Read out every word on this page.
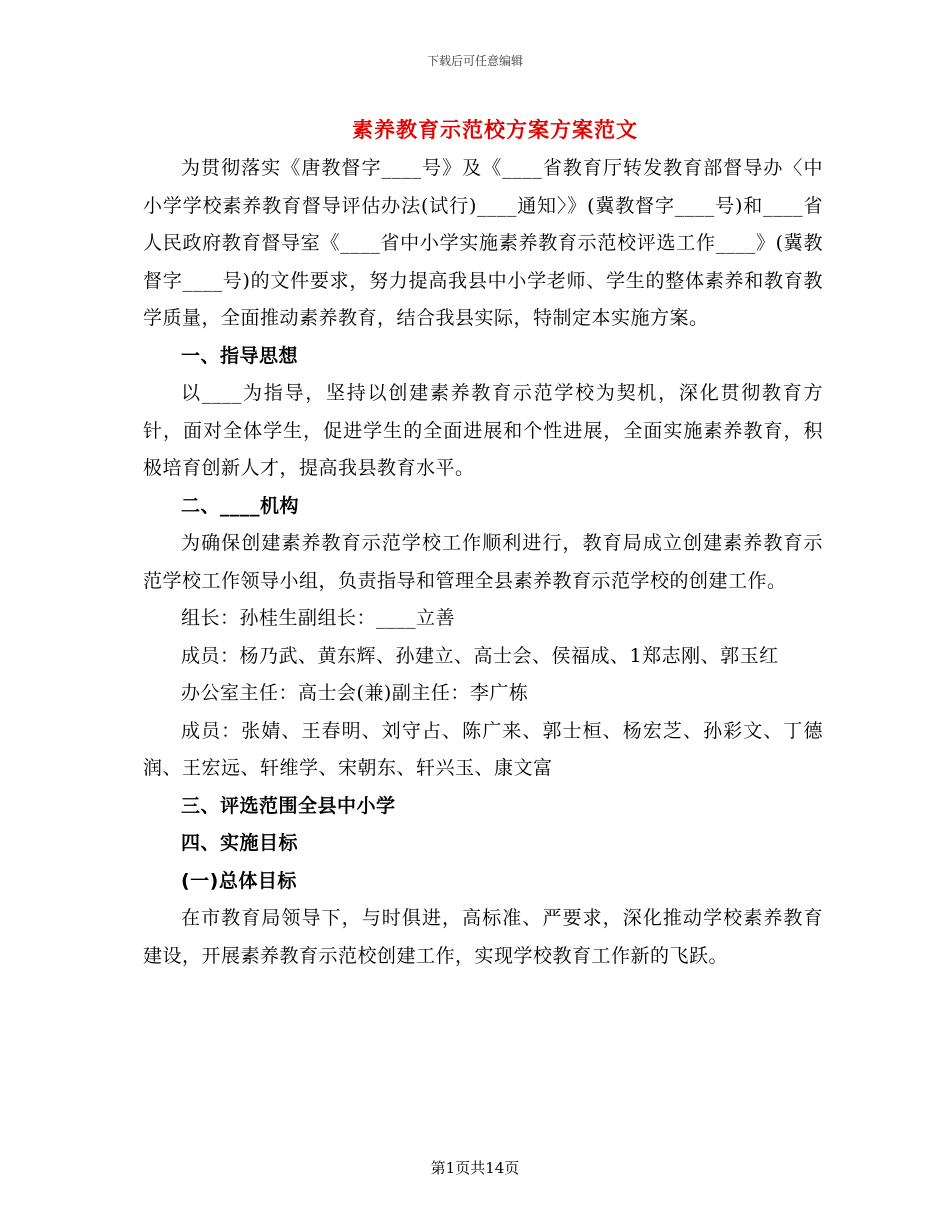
下载后可任意编辑
素养教育示范校方案方案范文

为贯彻落实《唐教督字____号》及《____省教育厅转发教育部督导办〈中小学学校素养教育督导评估办法(试行)____通知〉》(冀教督字____号)和____省人民政府教育督导室《____省中小学实施素养教育示范校评选工作____》(冀教督字____号)的文件要求，努力提高我县中小学老师、学生的整体素养和教育教学质量，全面推动素养教育，结合我县实际，特制定本实施方案。

一、指导思想

以____为指导，坚持以创建素养教育示范学校为契机，深化贯彻教育方针，面对全体学生，促进学生的全面进展和个性进展，全面实施素养教育，积极培育创新人才，提高我县教育水平。

二、____机构

为确保创建素养教育示范学校工作顺利进行，教育局成立创建素养教育示范学校工作领导小组，负责指导和管理全县素养教育示范学校的创建工作。

组长：孙桂生副组长：____立善

成员：杨乃武、黄东辉、孙建立、高士会、侯福成、1郑志刚、郭玉红

办公室主任：高士会(兼)副主任：李广栋

成员：张婧、王春明、刘守占、陈广来、郭士桓、杨宏芝、孙彩文、丁德润、王宏远、轩维学、宋朝东、轩兴玉、康文富

三、评选范围全县中小学

四、实施目标

(一)总体目标

在市教育局领导下，与时俱进，高标准、严要求，深化推动学校素养教育建设，开展素养教育示范校创建工作，实现学校教育工作新的飞跃。

第1页共14页
